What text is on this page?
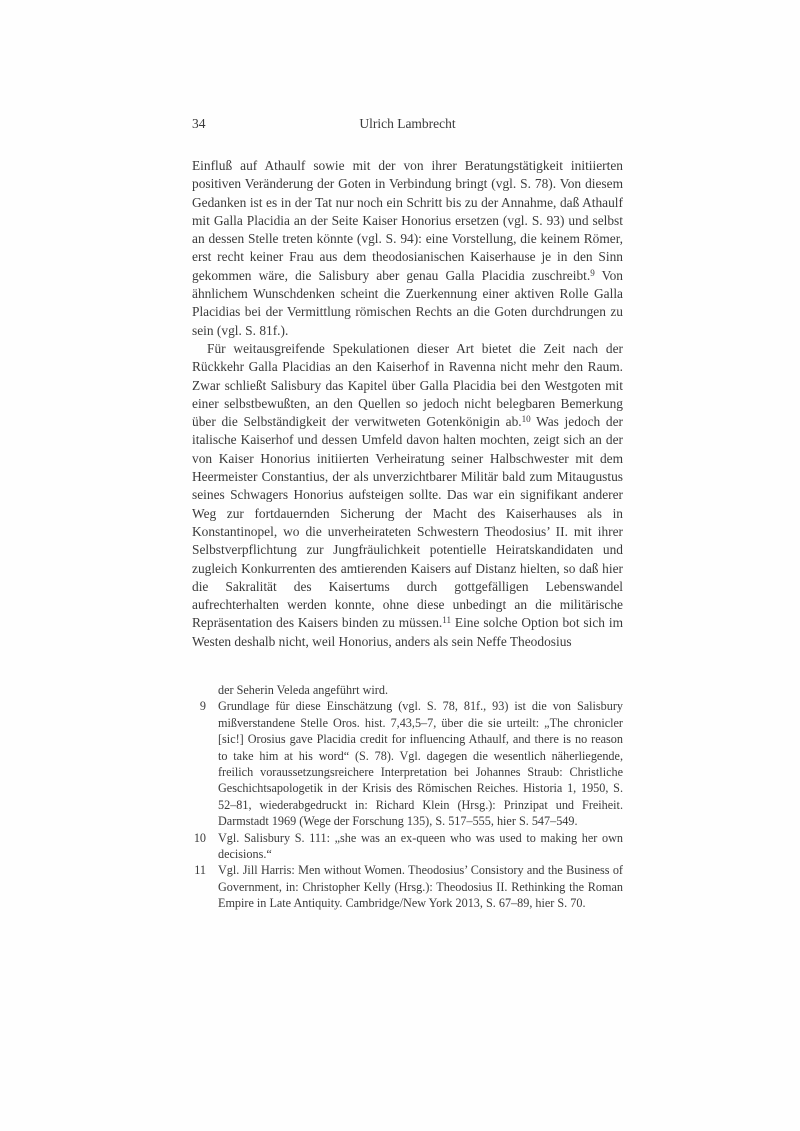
34	Ulrich Lambrecht

Einfluß auf Athaulf sowie mit der von ihrer Beratungstätigkeit initiierten positiven Veränderung der Goten in Verbindung bringt (vgl. S. 78). Von diesem Gedanken ist es in der Tat nur noch ein Schritt bis zu der Annahme, daß Athaulf mit Galla Placidia an der Seite Kaiser Honorius ersetzen (vgl. S. 93) und selbst an dessen Stelle treten könnte (vgl. S. 94): eine Vorstellung, die keinem Römer, erst recht keiner Frau aus dem theodosianischen Kaiserhause je in den Sinn gekommen wäre, die Salisbury aber genau Galla Placidia zuschreibt.$^9$ Von ähnlichem Wunschdenken scheint die Zuerkennung einer aktiven Rolle Galla Placidias bei der Vermittlung römischen Rechts an die Goten durchdrungen zu sein (vgl. S. 81f.).

Für weitausgreifende Spekulationen dieser Art bietet die Zeit nach der Rückkehr Galla Placidias an den Kaiserhof in Ravenna nicht mehr den Raum. Zwar schließt Salisbury das Kapitel über Galla Placidia bei den Westgoten mit einer selbstbewußten, an den Quellen so jedoch nicht belegbaren Bemerkung über die Selbständigkeit der verwitweten Gotenkönigin ab.$^{10}$ Was jedoch der italische Kaiserhof und dessen Umfeld davon halten mochten, zeigt sich an der von Kaiser Honorius initiierten Verheiratung seiner Halbschwester mit dem Heermeister Constantius, der als unverzichtbarer Militär bald zum Mitaugustus seines Schwagers Honorius aufsteigen sollte. Das war ein signifikant anderer Weg zur fortdauernden Sicherung der Macht des Kaiserhauses als in Konstantinopel, wo die unverheirateten Schwestern Theodosius’ II. mit ihrer Selbstverpflichtung zur Jungfräulichkeit potentielle Heiratskandidaten und zugleich Konkurrenten des amtierenden Kaisers auf Distanz hielten, so daß hier die Sakralität des Kaisertums durch gottgefälligen Lebenswandel aufrechterhalten werden konnte, ohne diese unbedingt an die militärische Repräsentation des Kaisers binden zu müssen.$^{11}$ Eine solche Option bot sich im Westen deshalb nicht, weil Honorius, anders als sein Neffe Theodosius

der Seherin Veleda angeführt wird.
9 Grundlage für diese Einschätzung (vgl. S. 78, 81f., 93) ist die von Salisbury mißverstandene Stelle Oros. hist. 7,43,5–7, über die sie urteilt: „The chronicler [sic!] Orosius gave Placidia credit for influencing Athaulf, and there is no reason to take him at his word“ (S. 78). Vgl. dagegen die wesentlich näherliegende, freilich voraussetzungsreichere Interpretation bei Johannes Straub: Christliche Geschichtsapologetik in der Krisis des Römischen Reiches. Historia 1, 1950, S. 52–81, wiederabgedruckt in: Richard Klein (Hrsg.): Prinzipat und Freiheit. Darmstadt 1969 (Wege der Forschung 135), S. 517–555, hier S. 547–549.
10 Vgl. Salisbury S. 111: „she was an ex-queen who was used to making her own decisions.“
11 Vgl. Jill Harris: Men without Women. Theodosius’ Consistory and the Business of Government, in: Christopher Kelly (Hrsg.): Theodosius II. Rethinking the Roman Empire in Late Antiquity. Cambridge/New York 2013, S. 67–89, hier S. 70.
